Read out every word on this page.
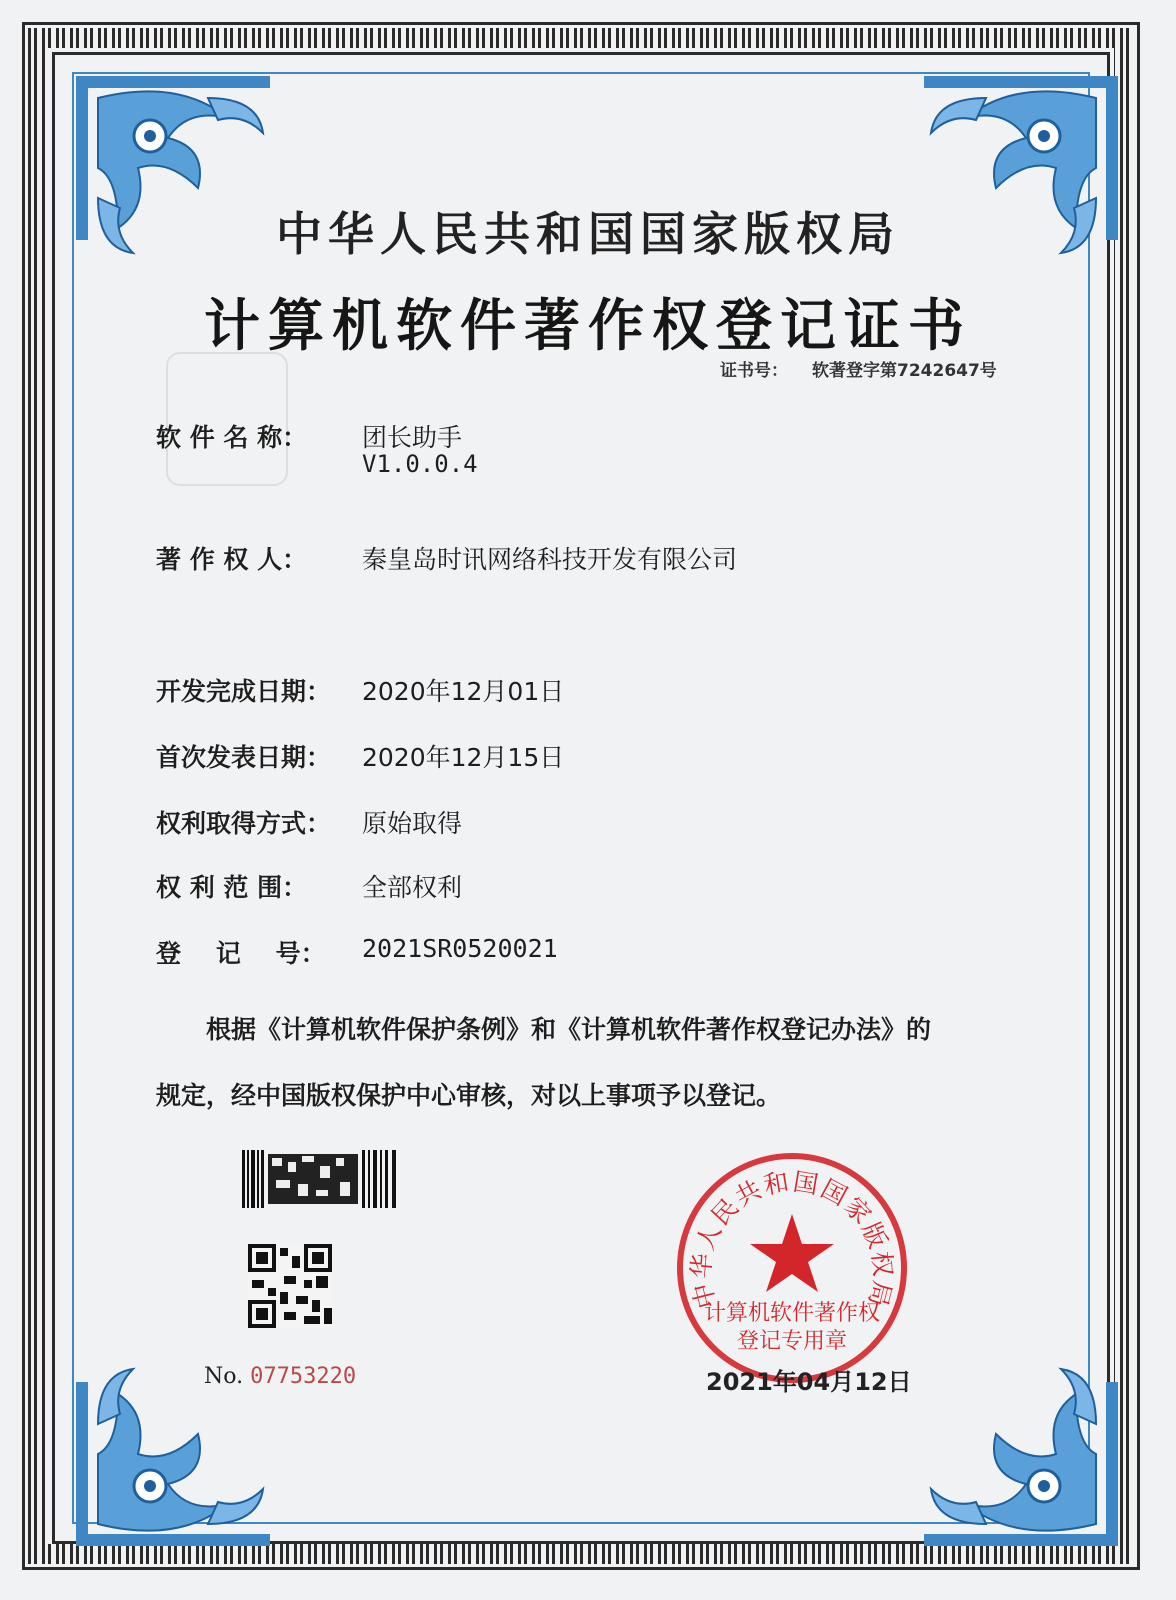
中华人民共和国国家版权局
计算机软件著作权登记证书
证书号： 软著登字第7242647号
软 件 名 称： 团长助手
V1.0.0.4
著 作 权 人： 秦皇岛时讯网络科技开发有限公司
开发完成日期： 2020年12月01日
首次发表日期： 2020年12月15日
权利取得方式： 原始取得
权 利 范 围： 全部权利
登    记    号： 2021SR0520021
根据《计算机软件保护条例》和《计算机软件著作权登记办法》的
规定，经中国版权保护中心审核，对以上事项予以登记。
No. 07753220
中华人民共和国国家版权局
计算机软件著作权
登记专用章
2021年04月12日
